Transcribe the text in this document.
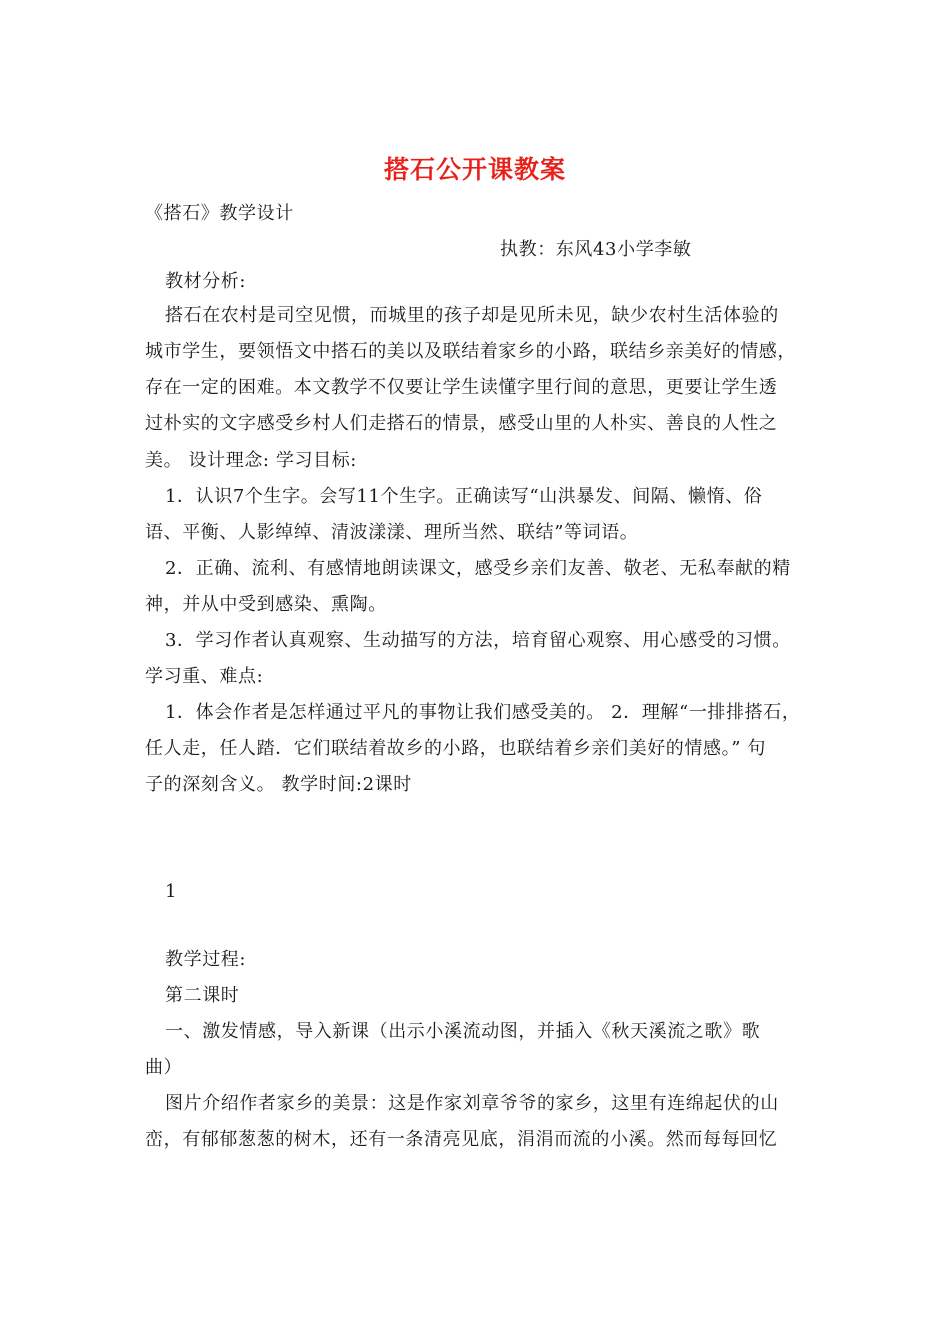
搭石公开课教案
《搭石》教学设计
执教：东风43小学李敏
教材分析:
搭石在农村是司空见惯，而城里的孩子却是见所未见，缺少农村生活体验的
城市学生，要领悟文中搭石的美以及联结着家乡的小路，联结乡亲美好的情感，
存在一定的困难。本文教学不仅要让学生读懂字里行间的意思，更要让学生透
过朴实的文字感受乡村人们走搭石的情景，感受山里的人朴实、善良的人性之
美。 设计理念: 学习目标:
1．认识7个生字。会写11个生字。正确读写“山洪暴发、间隔、懒惰、俗
语、平衡、人影绰绰、清波漾漾、理所当然、联结”等词语。
2．正确、流利、有感情地朗读课文，感受乡亲们友善、敬老、无私奉献的精
神，并从中受到感染、熏陶。
3．学习作者认真观察、生动描写的方法，培育留心观察、用心感受的习惯。
学习重、难点:
1．体会作者是怎样通过平凡的事物让我们感受美的。 2．理解“一排排搭石，
任人走，任人踏．它们联结着故乡的小路，也联结着乡亲们美好的情感。” 句
子的深刻含义。 教学时间:2课时
1
教学过程:
第二课时
一、激发情感，导入新课（出示小溪流动图，并插入《秋天溪流之歌》歌
曲）
图片介绍作者家乡的美景：这是作家刘章爷爷的家乡，这里有连绵起伏的山
峦，有郁郁葱葱的树木，还有一条清亮见底，涓涓而流的小溪。然而每每回忆
